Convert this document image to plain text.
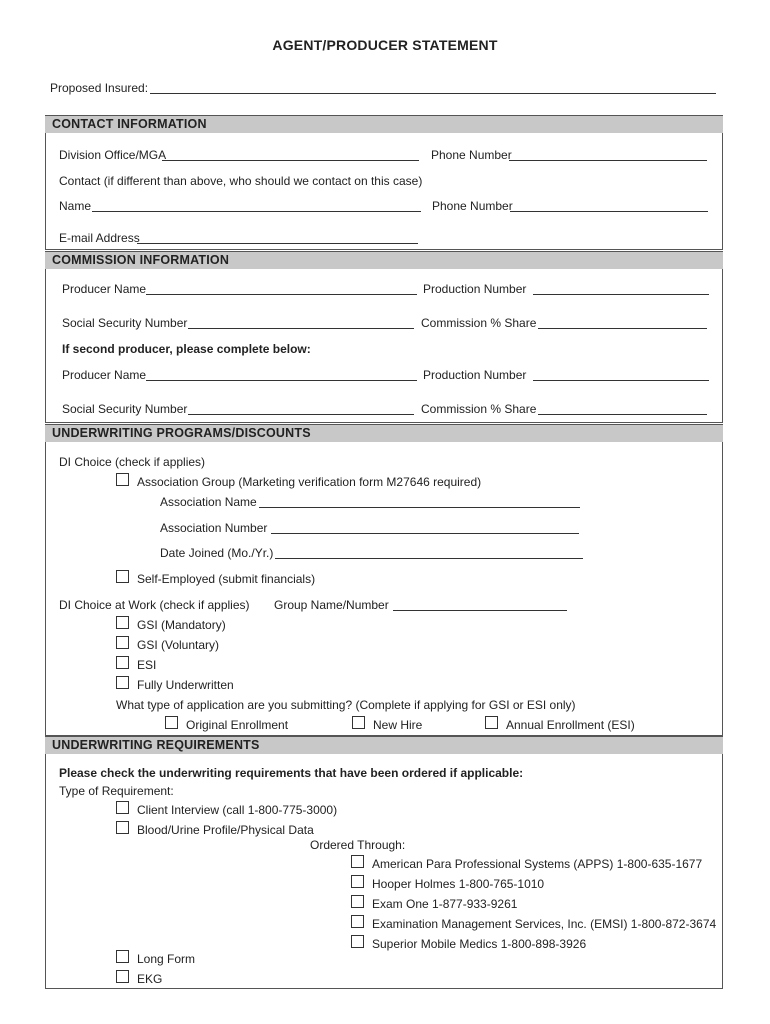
AGENT/PRODUCER STATEMENT
Proposed Insured:
CONTACT INFORMATION
Division Office/MGA	Phone Number
Contact (if different than above, who should we contact on this case)
Name	Phone Number
E-mail Address
COMMISSION INFORMATION
Producer Name	Production Number
Social Security Number	Commission % Share
If second producer, please complete below:
Producer Name	Production Number
Social Security Number	Commission % Share
UNDERWRITING PROGRAMS/DISCOUNTS
DI Choice (check if applies)
Association Group (Marketing verification form M27646 required)
Association Name
Association Number
Date Joined (Mo./Yr.)
Self-Employed (submit financials)
DI Choice at Work (check if applies) Group Name/Number
GSI (Mandatory)
GSI (Voluntary)
ESI
Fully Underwritten
What type of application are you submitting? (Complete if applying for GSI or ESI only)
Original Enrollment	New Hire	Annual Enrollment (ESI)
UNDERWRITING REQUIREMENTS
Please check the underwriting requirements that have been ordered if applicable:
Type of Requirement:
Client Interview (call 1-800-775-3000)
Blood/Urine Profile/Physical Data
Ordered Through:
American Para Professional Systems (APPS) 1-800-635-1677
Hooper Holmes 1-800-765-1010
Exam One 1-877-933-9261
Examination Management Services, Inc. (EMSI) 1-800-872-3674
Superior Mobile Medics 1-800-898-3926
Long Form
EKG
